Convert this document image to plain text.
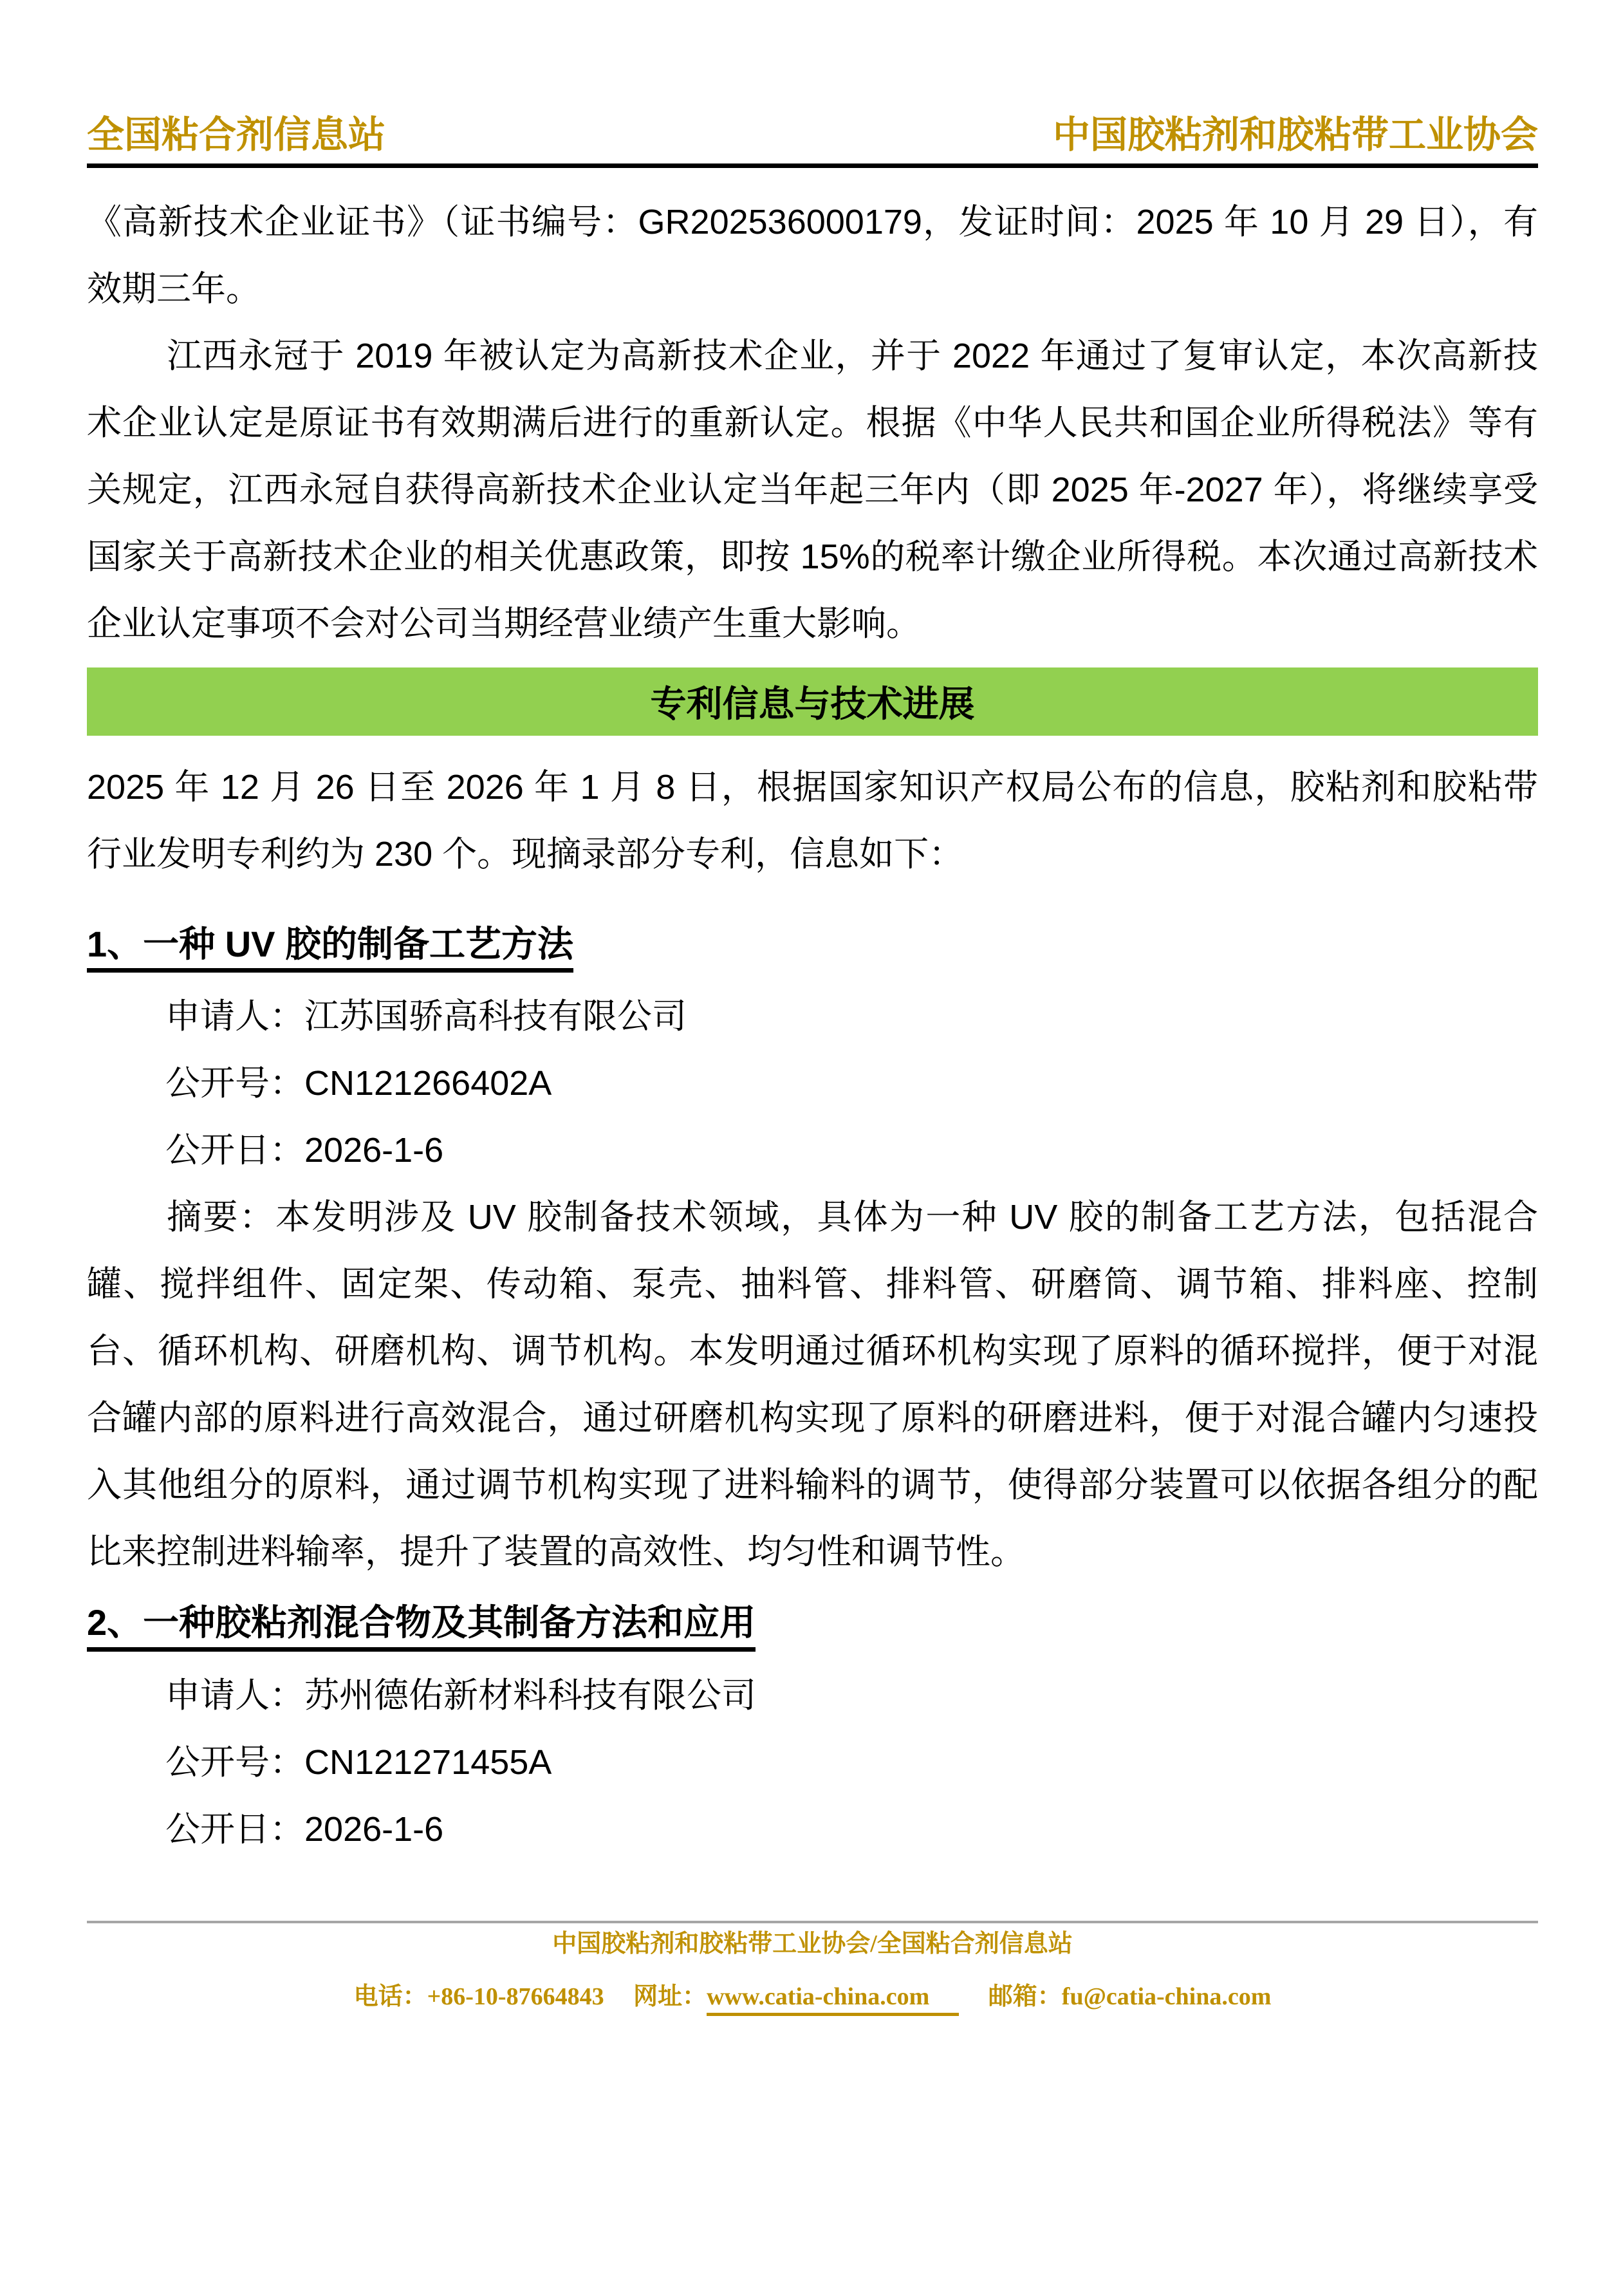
全国粘合剂信息站	中国胶粘剂和胶粘带工业协会

《高新技术企业证书》（证书编号：GR202536000179，发证时间：2025 年 10 月 29 日），有效期三年。

江西永冠于 2019 年被认定为高新技术企业，并于 2022 年通过了复审认定，本次高新技术企业认定是原证书有效期满后进行的重新认定。根据《中华人民共和国企业所得税法》等有关规定，江西永冠自获得高新技术企业认定当年起三年内（即 2025 年-2027 年），将继续享受国家关于高新技术企业的相关优惠政策，即按 15%的税率计缴企业所得税。本次通过高新技术企业认定事项不会对公司当期经营业绩产生重大影响。

专利信息与技术进展

2025 年 12 月 26 日至 2026 年 1 月 8 日，根据国家知识产权局公布的信息，胶粘剂和胶粘带行业发明专利约为 230 个。现摘录部分专利，信息如下：

1、一种 UV 胶的制备工艺方法
申请人：江苏国骄高科技有限公司
公开号：CN121266402A
公开日：2026-1-6

摘要：本发明涉及 UV 胶制备技术领域，具体为一种 UV 胶的制备工艺方法，包括混合罐、搅拌组件、固定架、传动箱、泵壳、抽料管、排料管、研磨筒、调节箱、排料座、控制台、循环机构、研磨机构、调节机构。本发明通过循环机构实现了原料的循环搅拌，便于对混合罐内部的原料进行高效混合，通过研磨机构实现了原料的研磨进料，便于对混合罐内匀速投入其他组分的原料，通过调节机构实现了进料输料的调节，使得部分装置可以依据各组分的配比来控制进料输率，提升了装置的高效性、均匀性和调节性。

2、一种胶粘剂混合物及其制备方法和应用
申请人：苏州德佑新材料科技有限公司
公开号：CN121271455A
公开日：2026-1-6
中国胶粘剂和胶粘带工业协会/全国粘合剂信息站
电话：+86-10-87664843 网址：www.catia-china.com 邮箱：fu@catia-china.com
